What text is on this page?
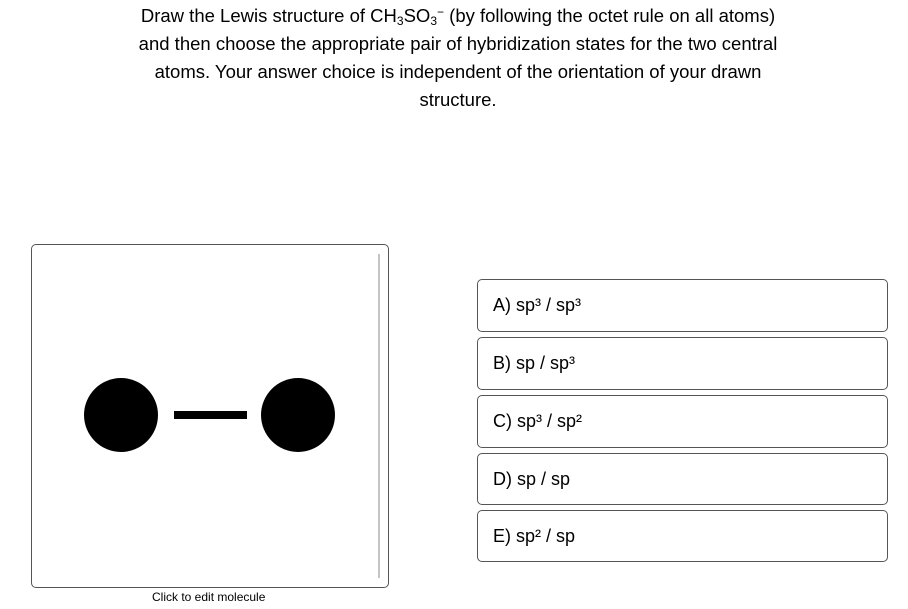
Draw the Lewis structure of $CH_3SO_3^-$ (by following the octet rule on all atoms)
and then choose the appropriate pair of hybridization states for the two central
atoms. Your answer choice is independent of the orientation of your drawn
structure.
Click to edit molecule
A) sp³ / sp³
B) sp / sp³
C) sp³ / sp²
D) sp / sp
E) sp² / sp
